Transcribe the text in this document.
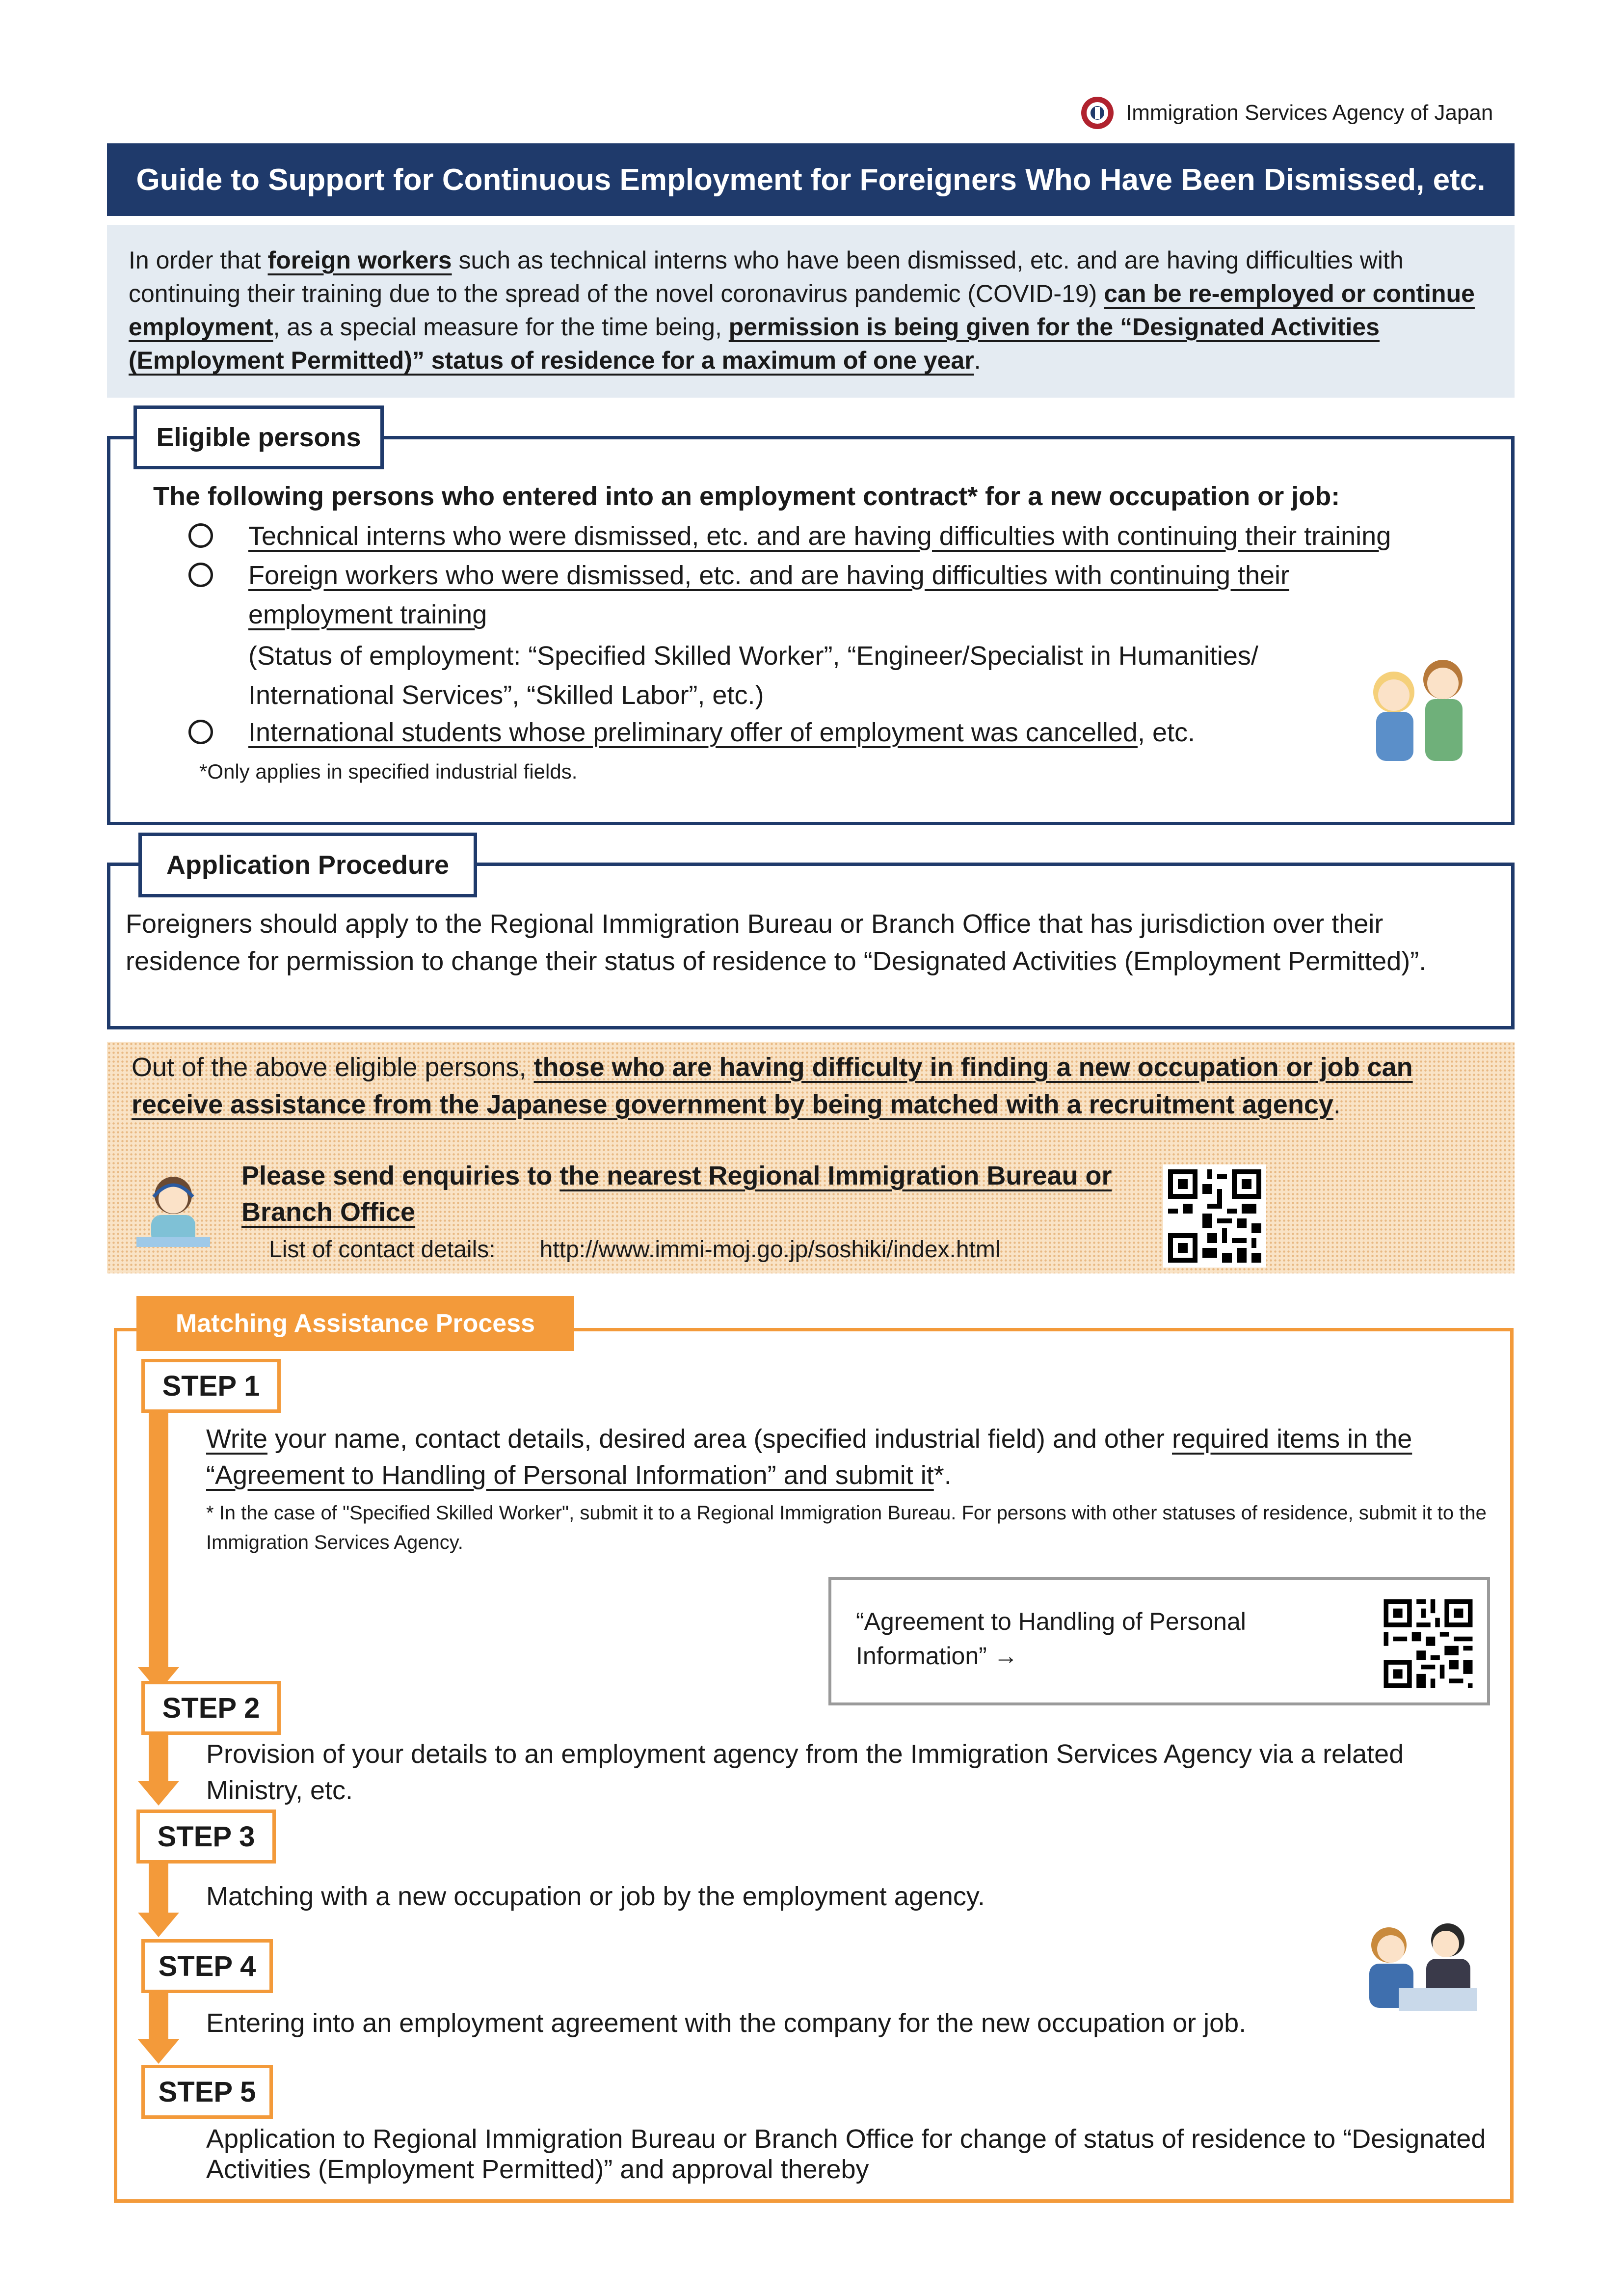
Immigration Services Agency of Japan
Guide to Support for Continuous Employment for Foreigners Who Have Been Dismissed, etc.
In order that foreign workers such as technical interns who have been dismissed, etc. and are having difficulties with continuing their training due to the spread of the novel coronavirus pandemic (COVID-19) can be re-employed or continue employment, as a special measure for the time being, permission is being given for the “Designated Activities (Employment Permitted)” status of residence for a maximum of one year.
Eligible persons
The following persons who entered into an employment contract* for a new occupation or job:
Technical interns who were dismissed, etc. and are having difficulties with continuing their training
Foreign workers who were dismissed, etc. and are having difficulties with continuing their
employment training
(Status of employment: “Specified Skilled Worker”, “Engineer/Specialist in Humanities/
International Services”, “Skilled Labor”, etc.)
International students whose preliminary offer of employment was cancelled, etc.
*Only applies in specified industrial fields.
Application Procedure
Foreigners should apply to the Regional Immigration Bureau or Branch Office that has jurisdiction over their residence for permission to change their status of residence to “Designated Activities (Employment Permitted)”.
Out of the above eligible persons, those who are having difficulty in finding a new occupation or job can receive assistance from the Japanese government by being matched with a recruitment agency.
Please send enquiries to the nearest Regional Immigration Bureau or Branch Office
List of contact details: http://www.immi-moj.go.jp/soshiki/index.html
Matching Assistance Process
STEP 1
Write your name, contact details, desired area (specified industrial field) and other required items in the “Agreement to Handling of Personal Information” and submit it*.
* In the case of "Specified Skilled Worker", submit it to a Regional Immigration Bureau. For persons with other statuses of residence, submit it to the Immigration Services Agency.
“Agreement to Handling of Personal Information” →
STEP 2
Provision of your details to an employment agency from the Immigration Services Agency via a related Ministry, etc.
STEP 3
Matching with a new occupation or job by the employment agency.
STEP 4
Entering into an employment agreement with the company for the new occupation or job.
STEP 5
Application to Regional Immigration Bureau or Branch Office for change of status of residence to “Designated Activities (Employment Permitted)” and approval thereby
